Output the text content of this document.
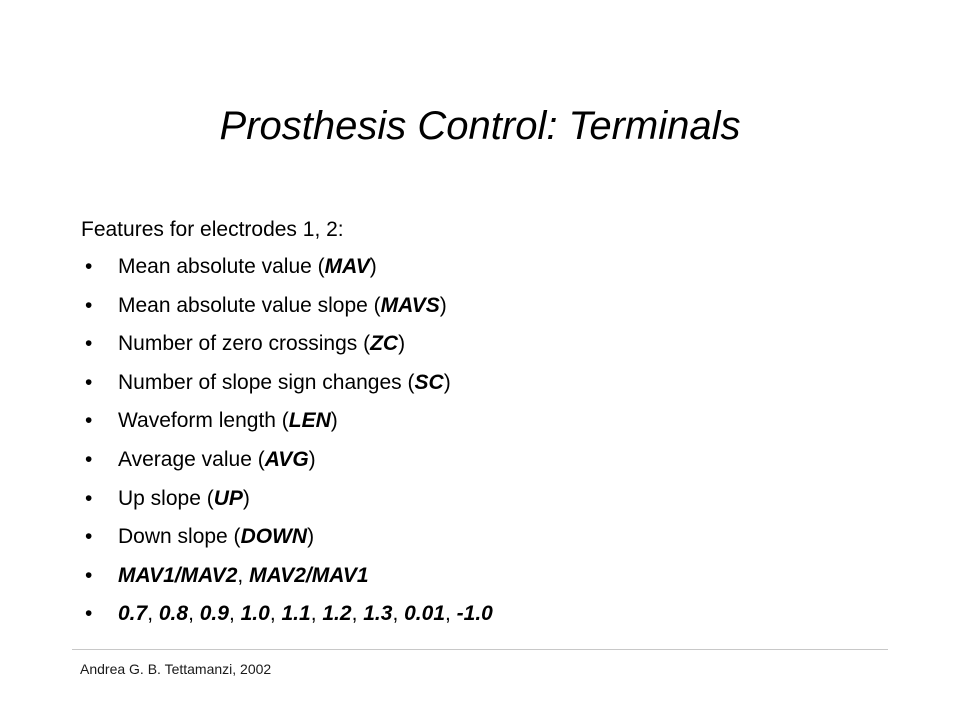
Prosthesis Control: Terminals
Features for electrodes 1, 2:
• Mean absolute value (MAV)
• Mean absolute value slope (MAVS)
• Number of zero crossings (ZC)
• Number of slope sign changes (SC)
• Waveform length (LEN)
• Average value (AVG)
• Up slope (UP)
• Down slope (DOWN)
• MAV1/MAV2, MAV2/MAV1
• 0.7, 0.8, 0.9, 1.0, 1.1, 1.2, 1.3, 0.01, -1.0
Andrea G. B. Tettamanzi, 2002
